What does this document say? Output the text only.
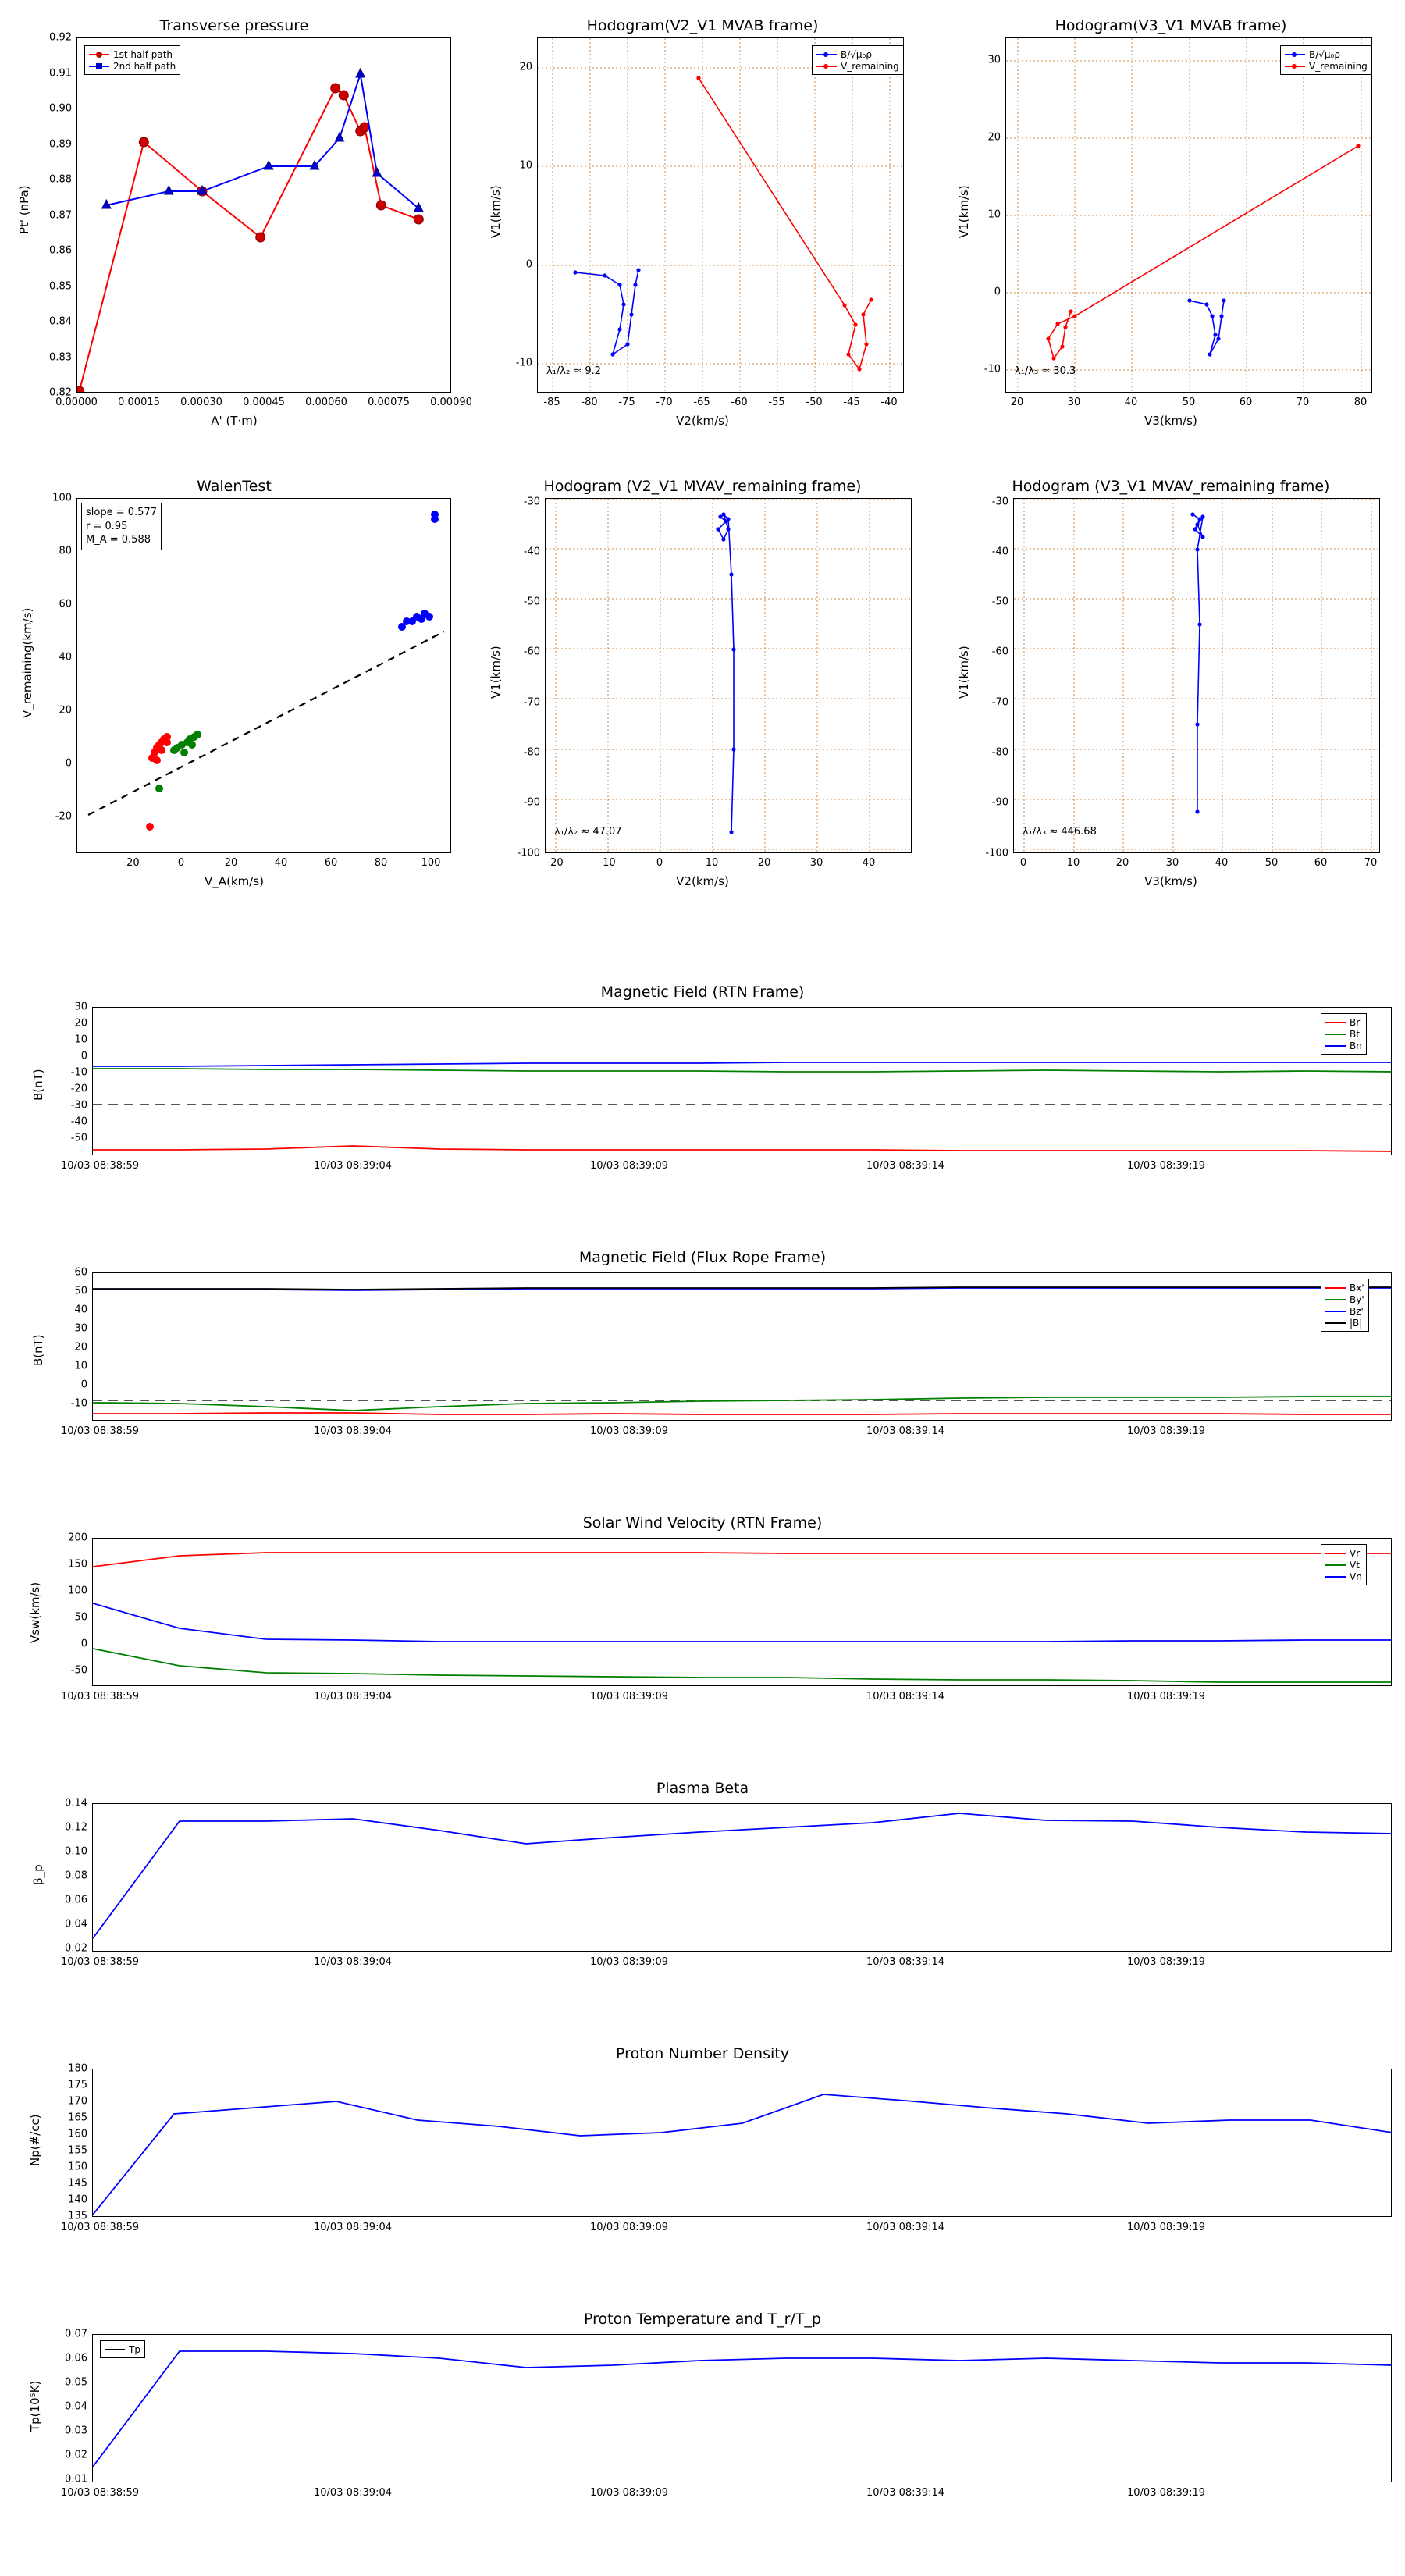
Transverse pressure
1st half path
2nd half path
0.82
0.83
0.84
0.85
0.86
0.87
0.88
0.89
0.90
0.91
0.92
0.00000 0.00015 0.00030 0.00045 0.00060 0.00075 0.00090
A' (T·m)
Pt' (nPa)
Hodogram(V2_V1 MVAB frame)
B/√μ₀ρ
V_remaining
λ₁/λ₂ ≈ 9.2
-10
0
10
20
-85 -80 -75 -70 -65 -60 -55 -50 -45 -40
V2(km/s)
V1(km/s)
Hodogram(V3_V1 MVAB frame)
B/√μ₀ρ
V_remaining
λ₁/λ₃ ≈ 30.3
-10
0
10
20
30
20	30	40	50	60	70	80
V3(km/s)
V1(km/s)
WalenTest
slope = 0.577
r = 0.95
M_A = 0.588
100
80
60
40
20
0
-20
-20	0	20	40	60	80	100
V_A(km/s)
V_remaining(km/s)
Hodogram (V2_V1 MVAV_remaining frame)
λ₁/λ₂ ≈ 47.07
-100
-90
-80
-70
-60
-50
-40
-30
-20	-10	0	10	20	30	40
V2(km/s)
V1(km/s)
Hodogram (V3_V1 MVAV_remaining frame)
λ₁/λ₃ ≈ 446.68
-100
-90
-80
-70
-60
-50
-40
-30
0	10	20	30	40	50	60	70
V3(km/s)
V1(km/s)
Magnetic Field (RTN Frame)
Br
Bt
Bn
30
20
10
0
-10
-20
-30
-40
-50
10/03 08:38:59	10/03 08:39:04	10/03 08:39:09	10/03 08:39:14	10/03 08:39:19
B(nT)
Magnetic Field (Flux Rope Frame)
Bx'
By'
Bz'
|B|
60
50
40
30
20
10
0
-10
10/03 08:38:59	10/03 08:39:04	10/03 08:39:09	10/03 08:39:14	10/03 08:39:19
B(nT)
Solar Wind Velocity (RTN Frame)
Vr
Vt
Vn
200
150
100
50
0
-50
10/03 08:38:59	10/03 08:39:04	10/03 08:39:09	10/03 08:39:14	10/03 08:39:19
Vsw(km/s)
Plasma Beta
0.14
0.12
0.10
0.08
0.06
0.04
0.02
10/03 08:38:59	10/03 08:39:04	10/03 08:39:09	10/03 08:39:14	10/03 08:39:19
β_p
Proton Number Density
180
175
170
165
160
155
150
145
140
135
10/03 08:38:59	10/03 08:39:04	10/03 08:39:09	10/03 08:39:14	10/03 08:39:19
Np(#/cc)
Proton Temperature and T_r/T_p
Tp
0.07
0.06
0.05
0.04
0.03
0.02
0.01
10/03 08:38:59	10/03 08:39:04	10/03 08:39:09	10/03 08:39:14	10/03 08:39:19
Tp(10⁵K)
